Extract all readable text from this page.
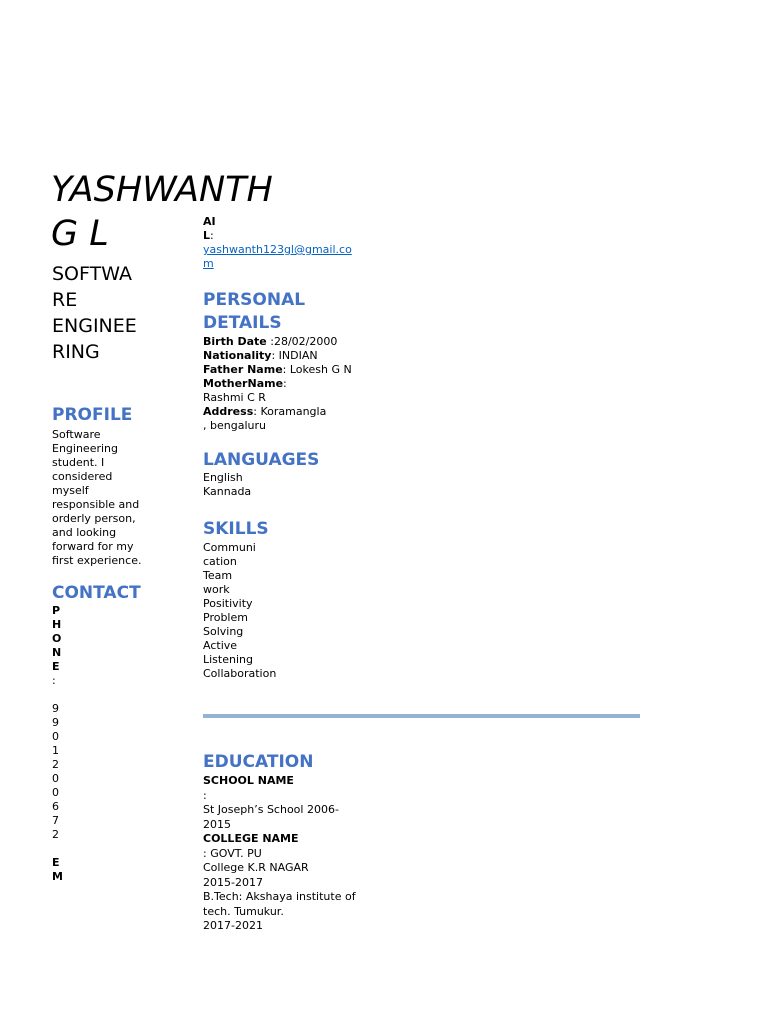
YASHWANTH
G L
SOFTWA
RE
ENGINEE
RING
PROFILE
Software
Engineering
student. I
considered
myself
responsible and
orderly person,
and looking
forward for my
first experience.
CONTACT
P
H
O
N
E
:
9
9
0
1
2
0
0
6
7
2
E
M
AI
L:
yashwanth123gl@gmail.com
PERSONAL
DETAILS
Birth Date :28/02/2000
Nationality: INDIAN
Father Name: Lokesh G N
MotherName:
Rashmi C R
Address: Koramangla
, bengaluru
LANGUAGES
English
Kannada
SKILLS
Communi
cation
Team
work
Positivity
Problem
Solving
Active
Listening
Collaboration
EDUCATION
SCHOOL NAME
:
St Joseph’s School 2006-
2015
COLLEGE NAME
: GOVT. PU
College K.R NAGAR
2015-2017
B.Tech: Akshaya institute of
tech. Tumukur.
2017-2021
